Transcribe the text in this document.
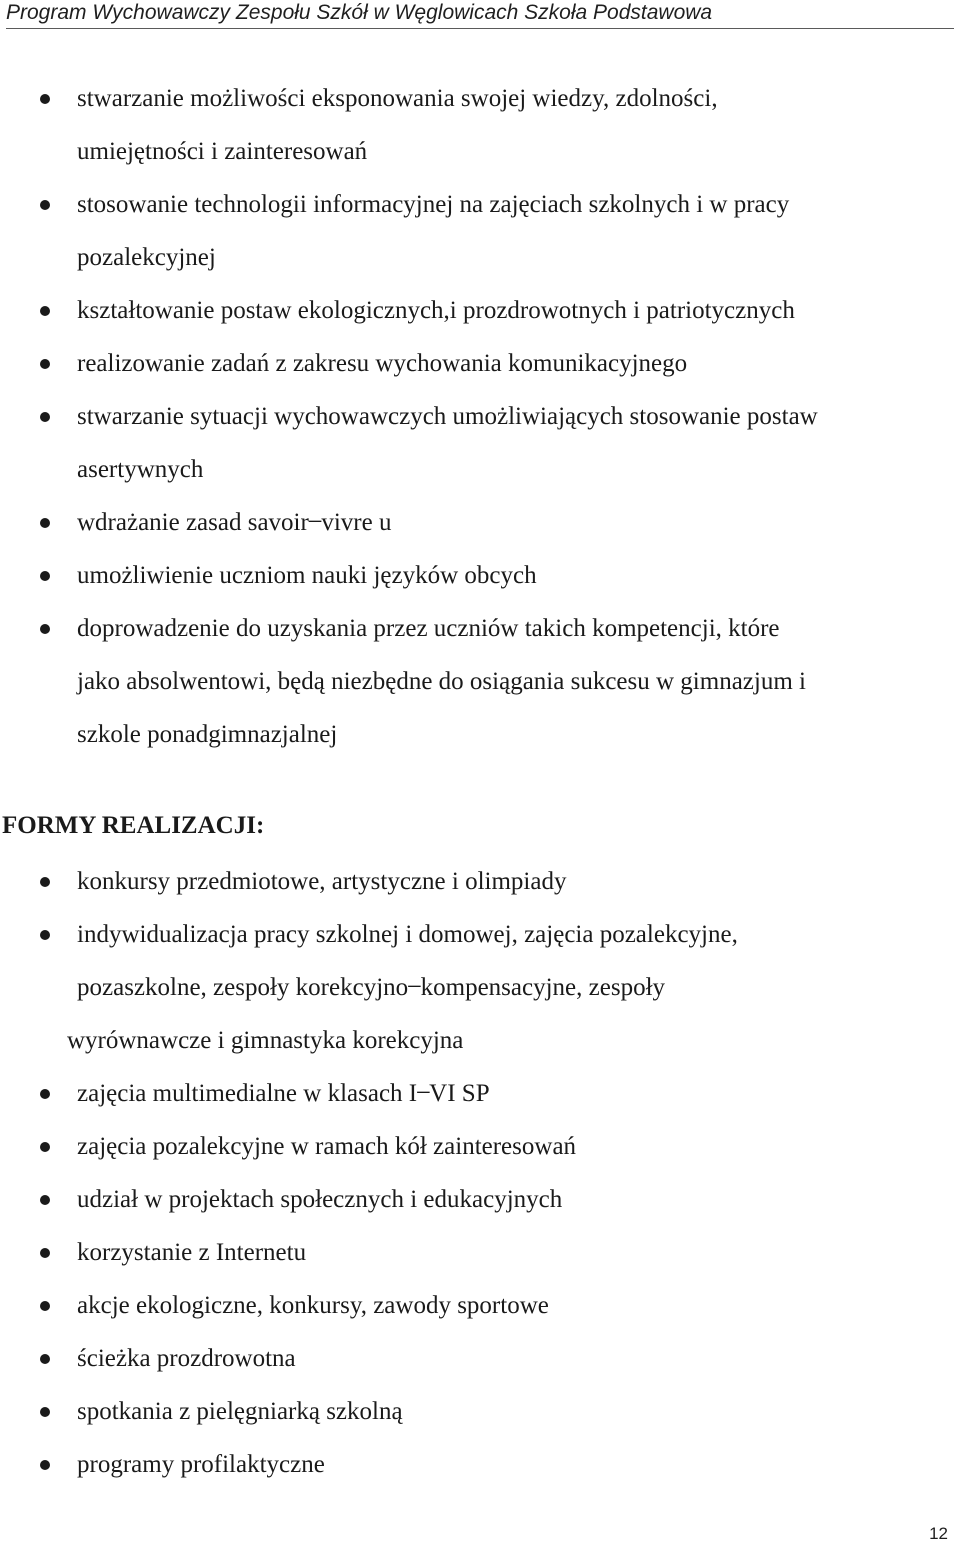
Program Wychowawczy Zespołu Szkół w Węglowicach Szkoła Podstawowa
stwarzanie możliwości eksponowania swojej wiedzy, zdolności,
umiejętności i zainteresowań
stosowanie technologii informacyjnej na zajęciach szkolnych i w pracy
pozalekcyjnej
kształtowanie postaw ekologicznych,i prozdrowotnych i patriotycznych
realizowanie zadań z zakresu wychowania komunikacyjnego
stwarzanie sytuacji wychowawczych umożliwiających stosowanie postaw
asertywnych
wdrażanie zasad savoir ̶ vivre u
umożliwienie uczniom nauki języków obcych
doprowadzenie do uzyskania przez uczniów takich kompetencji, które
jako absolwentowi, będą niezbędne do osiągania sukcesu w gimnazjum i
szkole ponadgimnazjalnej
FORMY REALIZACJI:
konkursy przedmiotowe, artystyczne i olimpiady
indywidualizacja pracy szkolnej i domowej, zajęcia pozalekcyjne,
pozaszkolne, zespoły korekcyjno ̶ kompensacyjne, zespoły
wyrównawcze i gimnastyka korekcyjna
zajęcia multimedialne w klasach I ̶ VI SP
zajęcia pozalekcyjne w ramach kół zainteresowań
udział w projektach społecznych i edukacyjnych
korzystanie z Internetu
akcje ekologiczne, konkursy, zawody sportowe
ścieżka prozdrowotna
spotkania z pielęgniarką szkolną
programy profilaktyczne
12
